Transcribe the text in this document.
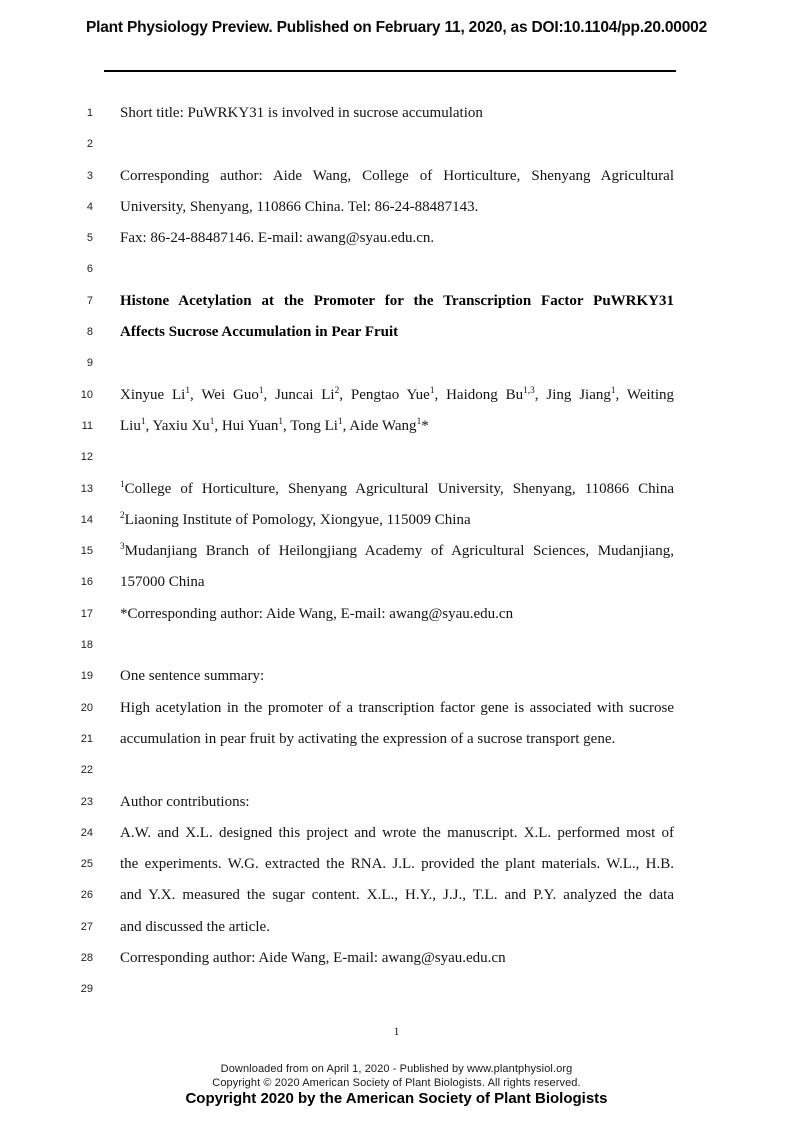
Plant Physiology Preview. Published on February 11, 2020, as DOI:10.1104/pp.20.00002
1 Short title: PuWRKY31 is involved in sucrose accumulation
2
3 Corresponding author: Aide Wang, College of Horticulture, Shenyang Agricultural
4 University, Shenyang, 110866 China. Tel: 86-24-88487143.
5 Fax: 86-24-88487146. E-mail: awang@syau.edu.cn.
6
7 Histone Acetylation at the Promoter for the Transcription Factor PuWRKY31
8 Affects Sucrose Accumulation in Pear Fruit
9
10 Xinyue Li$^1$, Wei Guo$^1$, Juncai Li$^2$, Pengtao Yue$^1$, Haidong Bu$^{1,3}$, Jing Jiang$^1$, Weiting
11 Liu$^1$, Yaxiu Xu$^1$, Hui Yuan$^1$, Tong Li$^1$, Aide Wang$^1$*
12
13	$^1$College of Horticulture, Shenyang Agricultural University, Shenyang, 110866 China
14	$^2$Liaoning Institute of Pomology, Xiongyue, 115009 China
15	$^3$Mudanjiang Branch of Heilongjiang Academy of Agricultural Sciences, Mudanjiang,
16 157000 China
17 *Corresponding author: Aide Wang, E-mail: awang@syau.edu.cn
18
19 One sentence summary:
20 High acetylation in the promoter of a transcription factor gene is associated with sucrose
21 accumulation in pear fruit by activating the expression of a sucrose transport gene.
22
23 Author contributions:
24 A.W. and X.L. designed this project and wrote the manuscript. X.L. performed most of
25 the experiments. W.G. extracted the RNA. J.L. provided the plant materials. W.L., H.B.
26 and Y.X. measured the sugar content. X.L., H.Y., J.J., T.L. and P.Y. analyzed the data
27 and discussed the article.
28 Corresponding author: Aide Wang, E-mail: awang@syau.edu.cn
29
1
Downloaded from on April 1, 2020 - Published by www.plantphysiol.org
Copyright © 2020 American Society of Plant Biologists. All rights reserved.
Copyright 2020 by the American Society of Plant Biologists
